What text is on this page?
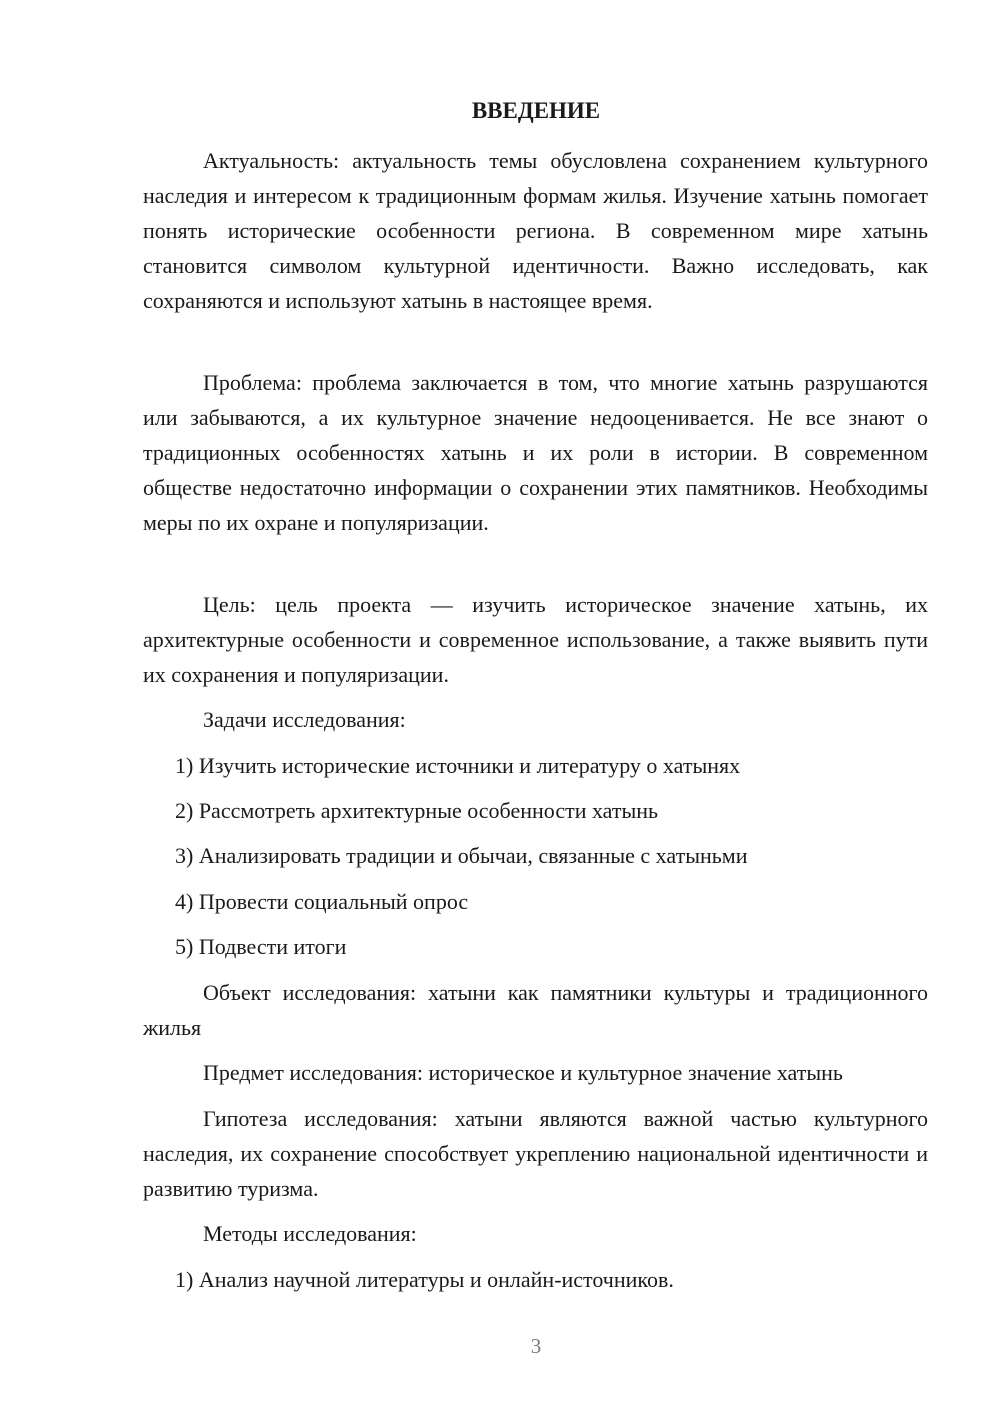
ВВЕДЕНИЕ

Актуальность: актуальность темы обусловлена сохранением культурного наследия и интересом к традиционным формам жилья. Изучение хатынь помогает понять исторические особенности региона. В современном мире хатынь становится символом культурной идентичности. Важно исследовать, как сохраняются и используют хатынь в настоящее время.

Проблема: проблема заключается в том, что многие хатынь разрушаются или забываются, а их культурное значение недооценивается. Не все знают о традиционных особенностях хатынь и их роли в истории. В современном обществе недостаточно информации о сохранении этих памятников. Необходимы меры по их охране и популяризации.

Цель: цель проекта — изучить историческое значение хатынь, их архитектурные особенности и современное использование, а также выявить пути их сохранения и популяризации.

Задачи исследования:

1) Изучить исторические источники и литературу о хатынях

2) Рассмотреть архитектурные особенности хатынь

3) Анализировать традиции и обычаи, связанные с хатыньми

4) Провести социальный опрос

5) Подвести итоги

Объект исследования: хатыни как памятники культуры и традиционного жилья

Предмет исследования: историческое и культурное значение хатынь

Гипотеза исследования: хатыни являются важной частью культурного наследия, их сохранение способствует укреплению национальной идентичности и развитию туризма.

Методы исследования:

1) Анализ научной литературы и онлайн-источников.

3
